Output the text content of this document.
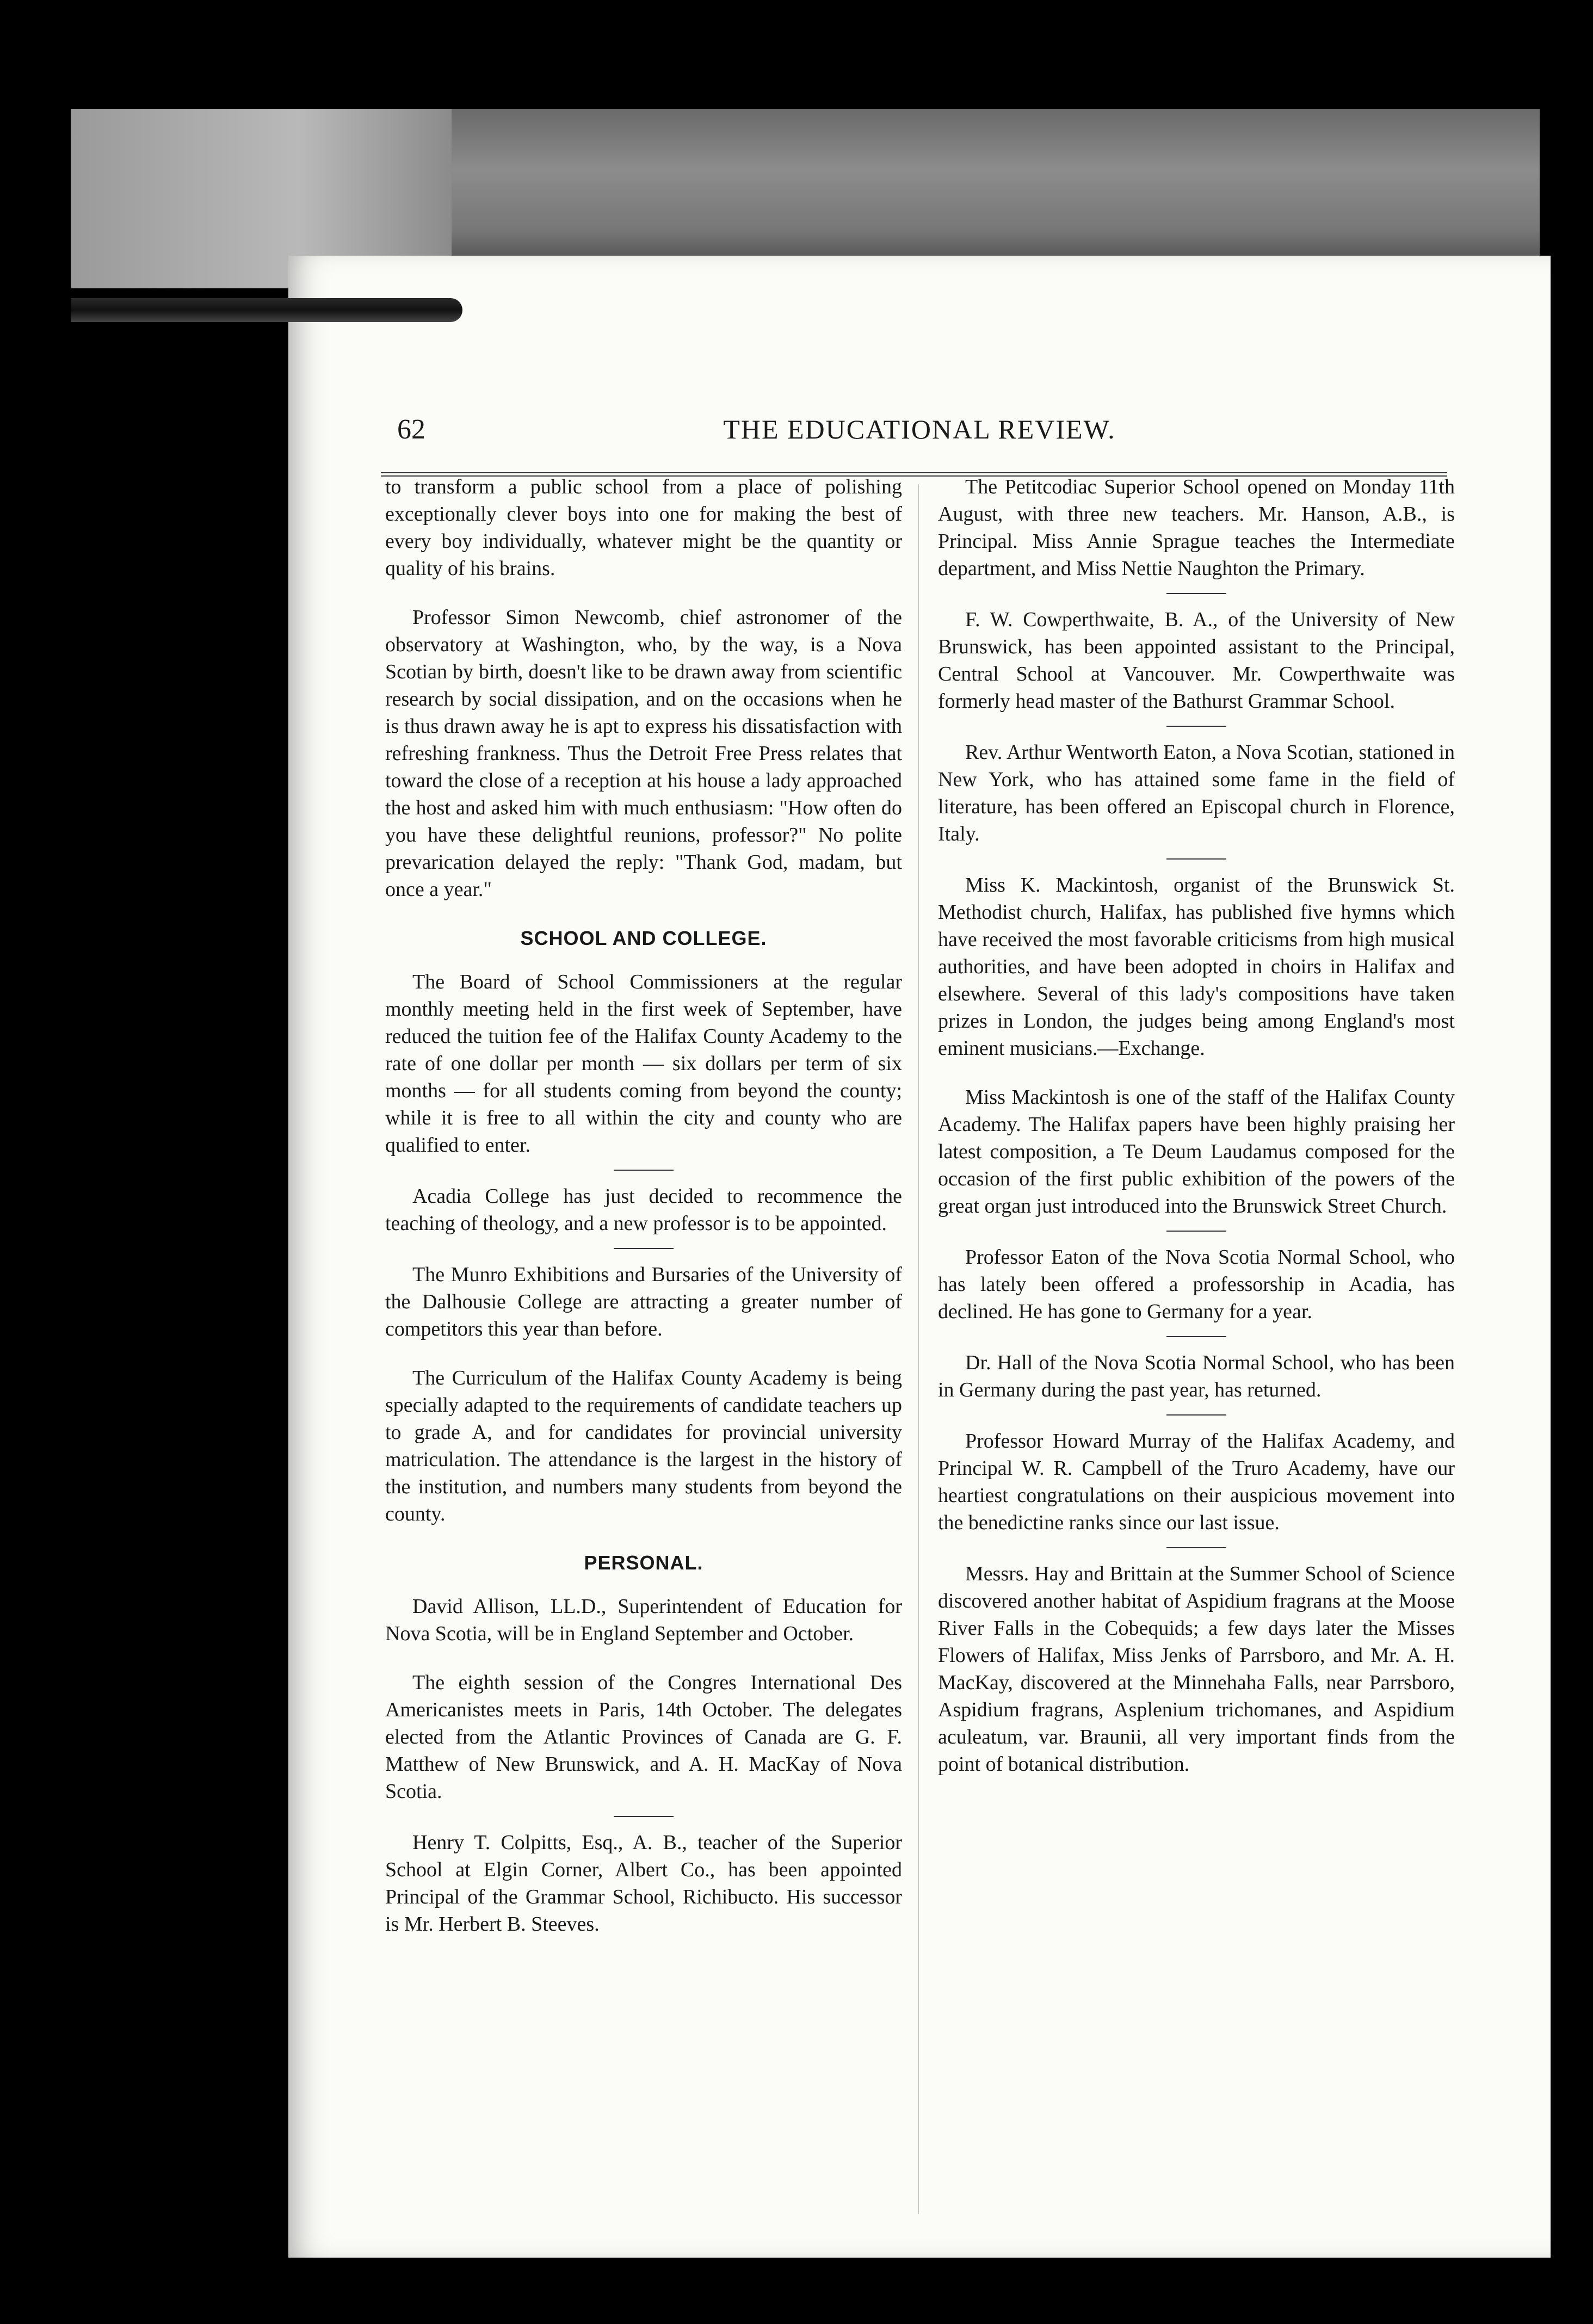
62	THE EDUCATIONAL REVIEW.

to transform a public school from a place of polishing exceptionally clever boys into one for making the best of every boy individually, whatever might be the quantity or quality of his brains.

Professor Simon Newcomb, chief astronomer of the observatory at Washington, who, by the way, is a Nova Scotian by birth, doesn't like to be drawn away from scientific research by social dissipation, and on the occasions when he is thus drawn away he is apt to express his dissatisfaction with refreshing frankness. Thus the Detroit Free Press relates that toward the close of a reception at his house a lady approached the host and asked him with much enthusiasm: "How often do you have these delightful reunions, professor?" No polite prevarication delayed the reply: "Thank God, madam, but once a year."

SCHOOL AND COLLEGE.

The Board of School Commissioners at the regular monthly meeting held in the first week of September, have reduced the tuition fee of the Halifax County Academy to the rate of one dollar per month — six dollars per term of six months — for all students coming from beyond the county; while it is free to all within the city and county who are qualified to enter.

Acadia College has just decided to recommence the teaching of theology, and a new professor is to be appointed.

The Munro Exhibitions and Bursaries of the University of the Dalhousie College are attracting a greater number of competitors this year than before.

The Curriculum of the Halifax County Academy is being specially adapted to the requirements of candidate teachers up to grade A, and for candidates for provincial university matriculation. The attendance is the largest in the history of the institution, and numbers many students from beyond the county.

PERSONAL.

David Allison, LL.D., Superintendent of Education for Nova Scotia, will be in England September and October.

The eighth session of the Congres International Des Americanistes meets in Paris, 14th October. The delegates elected from the Atlantic Provinces of Canada are G. F. Matthew of New Brunswick, and A. H. MacKay of Nova Scotia.

Henry T. Colpitts, Esq., A. B., teacher of the Superior School at Elgin Corner, Albert Co., has been appointed Principal of the Grammar School, Richibucto. His successor is Mr. Herbert B. Steeves.

The Petitcodiac Superior School opened on Monday 11th August, with three new teachers. Mr. Hanson, A.B., is Principal. Miss Annie Sprague teaches the Intermediate department, and Miss Nettie Naughton the Primary.

F. W. Cowperthwaite, B. A., of the University of New Brunswick, has been appointed assistant to the Principal, Central School at Vancouver. Mr. Cowperthwaite was formerly head master of the Bathurst Grammar School.

Rev. Arthur Wentworth Eaton, a Nova Scotian, stationed in New York, who has attained some fame in the field of literature, has been offered an Episcopal church in Florence, Italy.

Miss K. Mackintosh, organist of the Brunswick St. Methodist church, Halifax, has published five hymns which have received the most favorable criticisms from high musical authorities, and have been adopted in choirs in Halifax and elsewhere. Several of this lady's compositions have taken prizes in London, the judges being among England's most eminent musicians.—Exchange.

Miss Mackintosh is one of the staff of the Halifax County Academy. The Halifax papers have been highly praising her latest composition, a Te Deum Laudamus composed for the occasion of the first public exhibition of the powers of the great organ just introduced into the Brunswick Street Church.

Professor Eaton of the Nova Scotia Normal School, who has lately been offered a professorship in Acadia, has declined. He has gone to Germany for a year.

Dr. Hall of the Nova Scotia Normal School, who has been in Germany during the past year, has returned.

Professor Howard Murray of the Halifax Academy, and Principal W. R. Campbell of the Truro Academy, have our heartiest congratulations on their auspicious movement into the benedictine ranks since our last issue.

Messrs. Hay and Brittain at the Summer School of Science discovered another habitat of Aspidium fragrans at the Moose River Falls in the Cobequids; a few days later the Misses Flowers of Halifax, Miss Jenks of Parrsboro, and Mr. A. H. MacKay, discovered at the Minnehaha Falls, near Parrsboro, Aspidium fragrans, Asplenium trichomanes, and Aspidium aculeatum, var. Braunii, all very important finds from the point of botanical distribution.
